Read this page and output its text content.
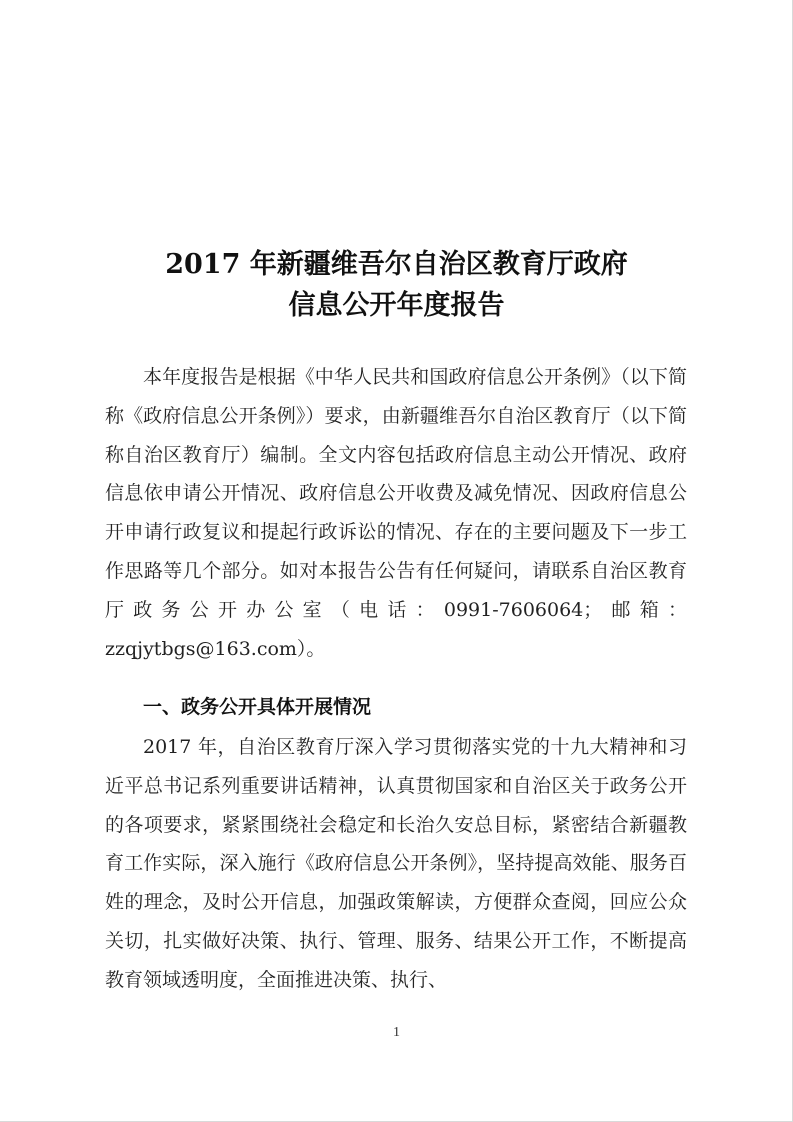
2017 年新疆维吾尔自治区教育厅政府
信息公开年度报告
本年度报告是根据《中华人民共和国政府信息公开条例》（以下简称《政府信息公开条例》）要求，由新疆维吾尔自治区教育厅（以下简称自治区教育厅）编制。全文内容包括政府信息主动公开情况、政府信息依申请公开情况、政府信息公开收费及减免情况、因政府信息公开申请行政复议和提起行政诉讼的情况、存在的主要问题及下一步工作思路等几个部分。如对本报告公告有任何疑问，请联系自治区教育厅政务公开办公室（电话：0991-7606064；邮箱：zzqjytbgs@163.com）。
一、政务公开具体开展情况
2017 年，自治区教育厅深入学习贯彻落实党的十九大精神和习近平总书记系列重要讲话精神，认真贯彻国家和自治区关于政务公开的各项要求，紧紧围绕社会稳定和长治久安总目标，紧密结合新疆教育工作实际，深入施行《政府信息公开条例》，坚持提高效能、服务百姓的理念，及时公开信息，加强政策解读，方便群众查阅，回应公众关切，扎实做好决策、执行、管理、服务、结果公开工作，不断提高教育领域透明度，全面推进决策、执行、
1
